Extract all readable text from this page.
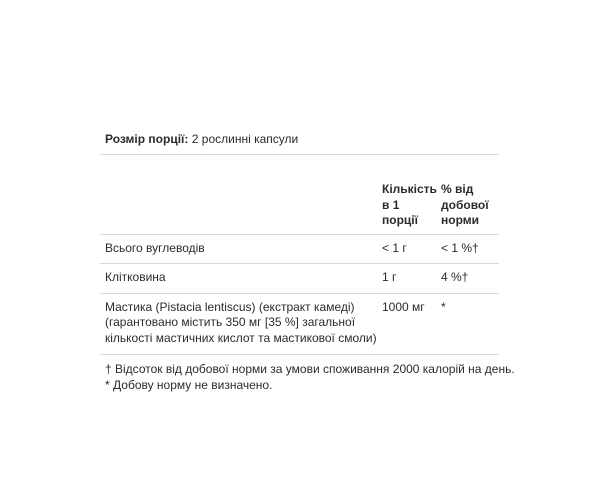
Розмір порції: 2 рослинні капсули
	Кількість в 1 порції	% від добової норми
Всього вуглеводів	< 1 г	< 1 %†
Клітковина	1 г	4 %†
Мастика (Pistacia lentiscus) (екстракт камеді) (гарантовано містить 350 мг [35 %] загальної кількості мастичних кислот та мастикової смоли)	1000 мг	*
† Відсоток від добової норми за умови споживання 2000 калорій на день.
* Добову норму не визначено.
